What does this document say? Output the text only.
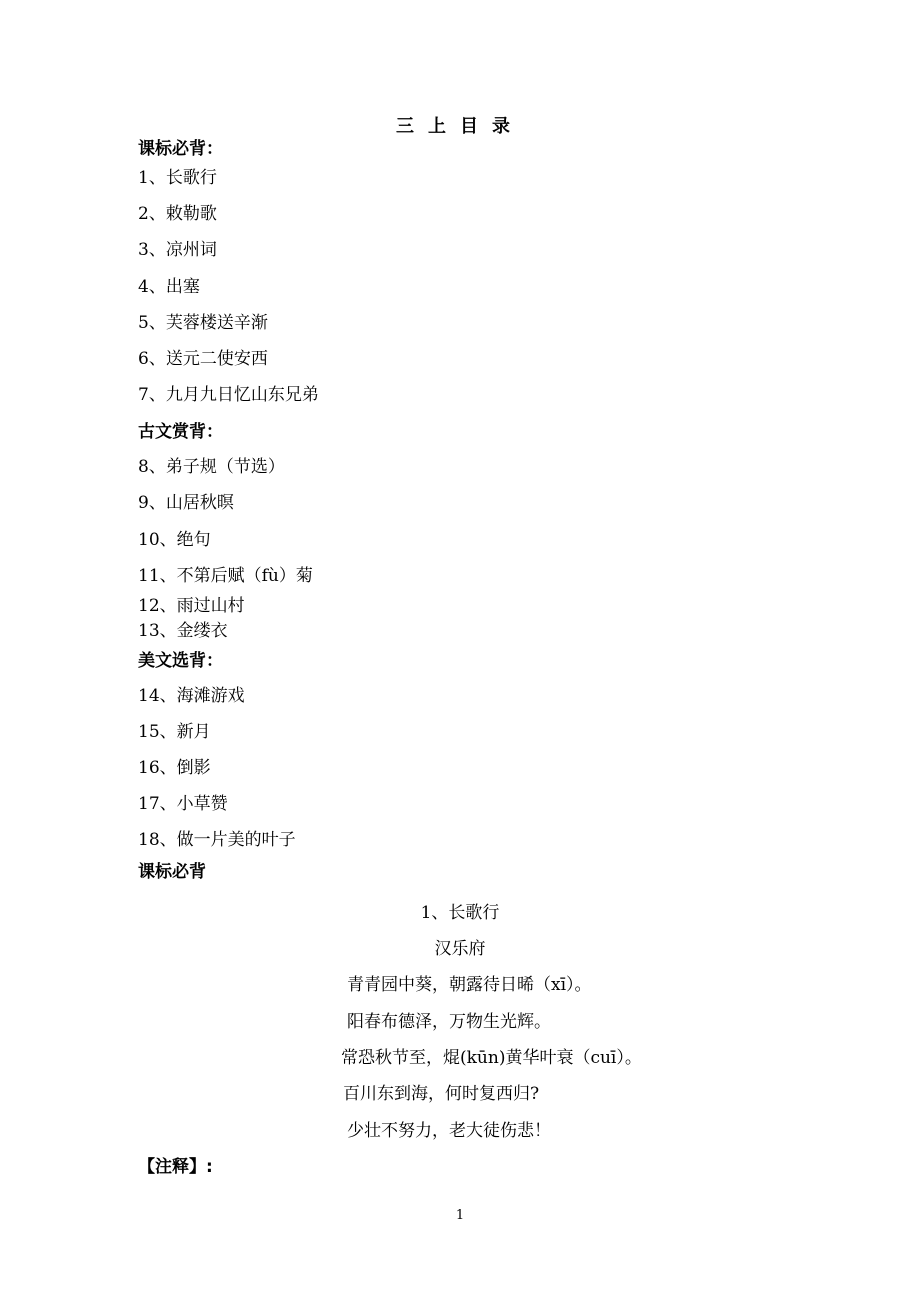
三上目录
课标必背：
1、长歌行
2、敕勒歌
3、凉州词
4、出塞
5、芙蓉楼送辛渐
6、送元二使安西
7、九月九日忆山东兄弟
古文赏背：
8、弟子规（节选）
9、山居秋暝
10、绝句
11、不第后赋（fù）菊
12、雨过山村
13、金缕衣
美文选背：
14、海滩游戏
15、新月
16、倒影
17、小草赞
18、做一片美的叶子
课标必背
1、长歌行
汉乐府
青青园中葵，朝露待日晞（xī）。
阳春布德泽，万物生光辉。
常恐秋节至，焜(kūn)黄华叶衰（cuī）。
百川东到海，何时复西归?
少壮不努力，老大徒伤悲！
【注释】:
1
